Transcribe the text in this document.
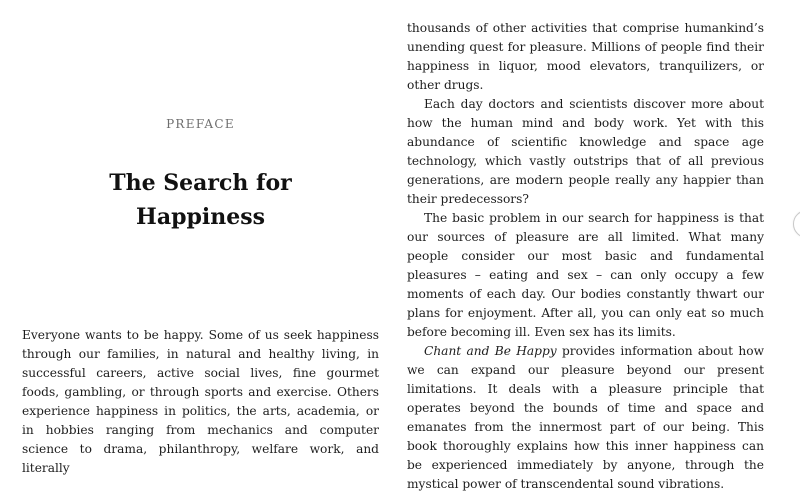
PREFACE
The Search for
Happiness

Everyone wants to be happy. Some of us seek happiness through our families, in natural and healthy living, in successful careers, active social lives, fine gourmet foods, gambling, or through sports and exercise. Others experience happiness in politics, the arts, academia, or in hobbies ranging from mechanics and computer science to drama, philanthropy, welfare work, and literally

thousands of other activities that comprise humankind’s unending quest for pleasure. Millions of people find their happiness in liquor, mood elevators, tranquilizers, or other drugs.

Each day doctors and scientists discover more about how the human mind and body work. Yet with this abundance of scientific knowledge and space age technology, which vastly outstrips that of all previous generations, are modern people really any happier than their predecessors?

The basic problem in our search for happiness is that our sources of pleasure are all limited. What many people consider our most basic and fundamental pleasures – eating and sex – can only occupy a few moments of each day. Our bodies constantly thwart our plans for enjoyment. After all, you can only eat so much before becoming ill. Even sex has its limits.

Chant and Be Happy provides information about how we can expand our pleasure beyond our present limitations. It deals with a pleasure principle that operates beyond the bounds of time and space and emanates from the innermost part of our being. This book thoroughly explains how this inner happiness can be experienced immediately by anyone, through the mystical power of transcendental sound vibrations.
